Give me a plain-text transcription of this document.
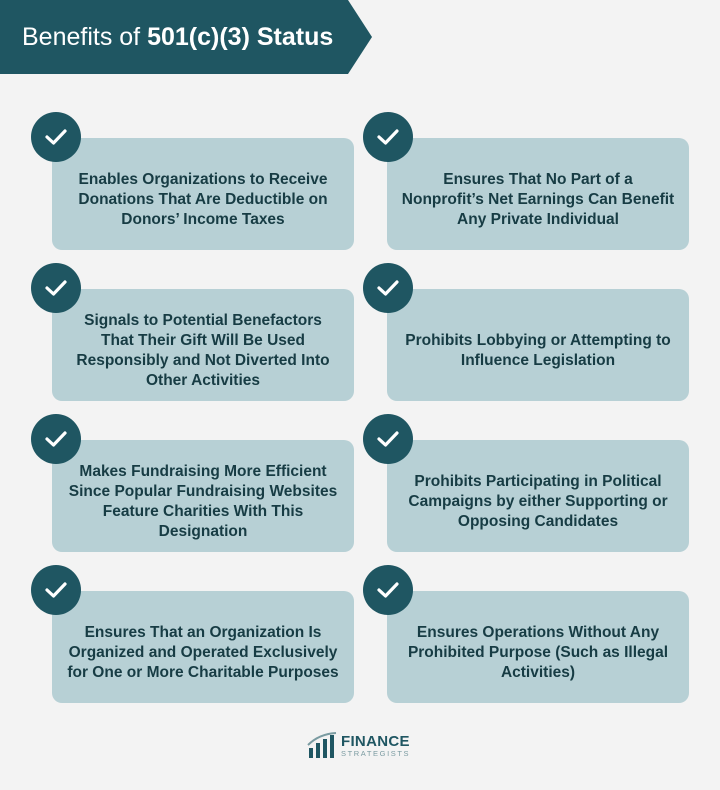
Benefits of 501(c)(3) Status
Enables Organizations to Receive Donations That Are Deductible on Donors’ Income Taxes
Ensures That No Part of a Nonprofit’s Net Earnings Can Benefit Any Private Individual
Signals to Potential Benefactors That Their Gift Will Be Used Responsibly and Not Diverted Into Other Activities
Prohibits Lobbying or Attempting to Influence Legislation
Makes Fundraising More Efficient Since Popular Fundraising Websites Feature Charities With This Designation
Prohibits Participating in Political Campaigns by either Supporting or Opposing Candidates
Ensures That an Organization Is Organized and Operated Exclusively for One or More Charitable Purposes
Ensures Operations Without Any Prohibited Purpose (Such as Illegal Activities)
FINANCE
STRATEGISTS
